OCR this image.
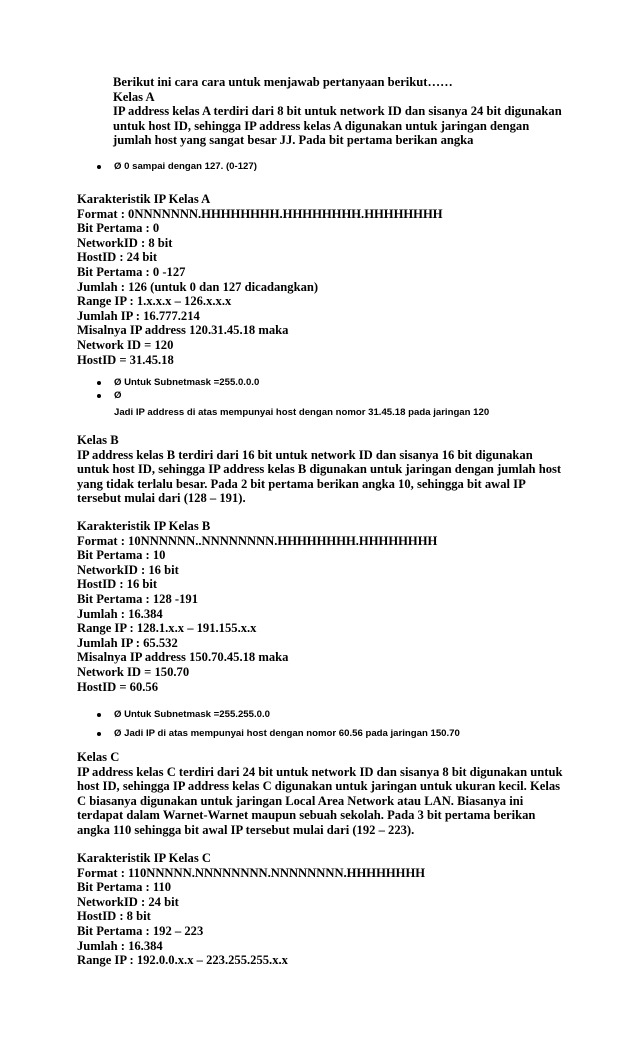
Berikut ini cara cara untuk menjawab pertanyaan berikut……

Kelas A

IP address kelas A terdiri dari 8 bit untuk network ID dan sisanya 24 bit digunakan

untuk host ID, sehingga IP address kelas A digunakan untuk jaringan dengan

jumlah host yang sangat besar JJ. Pada bit pertama berikan angka

Ø 0 sampai dengan 127. (0-127)

Karakteristik IP Kelas A

Format : 0NNNNNNN.HHHHHHHH.HHHHHHHH.HHHHHHHH

Bit Pertama : 0

NetworkID : 8 bit

HostID : 24 bit

Bit Pertama : 0 -127

Jumlah : 126 (untuk 0 dan 127 dicadangkan)

Range IP : 1.x.x.x – 126.x.x.x

Jumlah IP : 16.777.214

Misalnya IP address 120.31.45.18 maka

Network ID = 120

HostID = 31.45.18

Ø Untuk Subnetmask =255.0.0.0
Ø
Jadi IP address di atas mempunyai host dengan nomor 31.45.18 pada jaringan 120

Kelas B

IP address kelas B terdiri dari 16 bit untuk network ID dan sisanya 16 bit digunakan

untuk host ID, sehingga IP address kelas B digunakan untuk jaringan dengan jumlah host

yang tidak terlalu besar. Pada 2 bit pertama berikan angka 10, sehingga bit awal IP

tersebut mulai dari (128 – 191).

Karakteristik IP Kelas B

Format : 10NNNNNN..NNNNNNNN.HHHHHHHH.HHHHHHHH

Bit Pertama : 10

NetworkID : 16 bit

HostID : 16 bit

Bit Pertama : 128 -191

Jumlah : 16.384

Range IP : 128.1.x.x – 191.155.x.x

Jumlah IP : 65.532

Misalnya IP address 150.70.45.18 maka

Network ID = 150.70

HostID = 60.56

Ø Untuk Subnetmask =255.255.0.0
Ø Jadi IP di atas mempunyai host dengan nomor 60.56 pada jaringan 150.70

Kelas C

IP address kelas C terdiri dari 24 bit untuk network ID dan sisanya 8 bit digunakan untuk

host ID, sehingga IP address kelas C digunakan untuk jaringan untuk ukuran kecil. Kelas

C biasanya digunakan untuk jaringan Local Area Network atau LAN. Biasanya ini

terdapat dalam Warnet-Warnet maupun sebuah sekolah. Pada 3 bit pertama berikan

angka 110 sehingga bit awal IP tersebut mulai dari (192 – 223).

Karakteristik IP Kelas C

Format : 110NNNNN.NNNNNNNN.NNNNNNNN.HHHHHHHH

Bit Pertama : 110

NetworkID : 24 bit

HostID : 8 bit

Bit Pertama : 192 – 223

Jumlah : 16.384

Range IP : 192.0.0.x.x – 223.255.255.x.x
